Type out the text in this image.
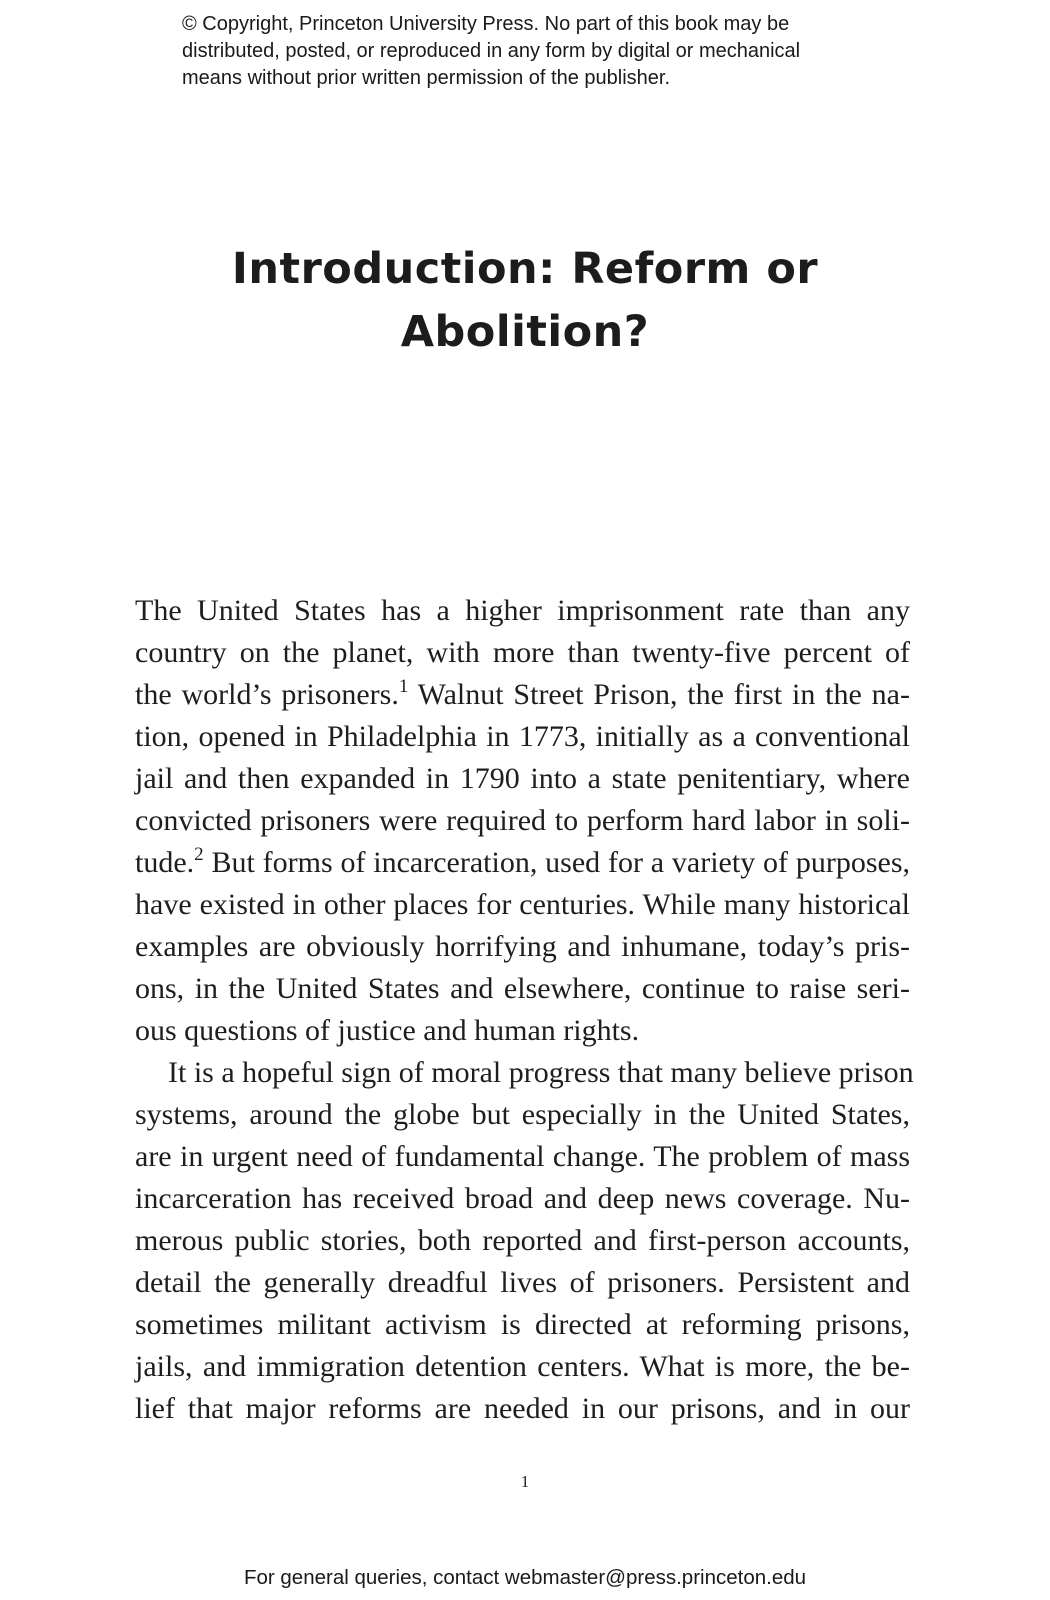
© Copyright, Princeton University Press. No part of this book may be
distributed, posted, or reproduced in any form by digital or mechanical
means without prior written permission of the publisher.
Introduction: Reform or
Abolition?
The United States has a higher imprisonment rate than any
country on the planet, with more than twenty-five percent of
the world’s prisoners.$^1$ Walnut Street Prison, the first in the na-
tion, opened in Philadelphia in 1773, initially as a conventional
jail and then expanded in 1790 into a state penitentiary, where
convicted prisoners were required to perform hard labor in soli-
tude.$^2$ But forms of incarceration, used for a variety of purposes,
have existed in other places for centuries. While many historical
examples are obviously horrifying and inhumane, today’s pris-
ons, in the United States and elsewhere, continue to raise seri-
ous questions of justice and human rights.
It is a hopeful sign of moral progress that many believe prison
systems, around the globe but especially in the United States,
are in urgent need of fundamental change. The problem of mass
incarceration has received broad and deep news coverage. Nu-
merous public stories, both reported and first-person accounts,
detail the generally dreadful lives of prisoners. Persistent and
sometimes militant activism is directed at reforming prisons,
jails, and immigration detention centers. What is more, the be-
lief that major reforms are needed in our prisons, and in our
1
For general queries, contact webmaster@press.princeton.edu
